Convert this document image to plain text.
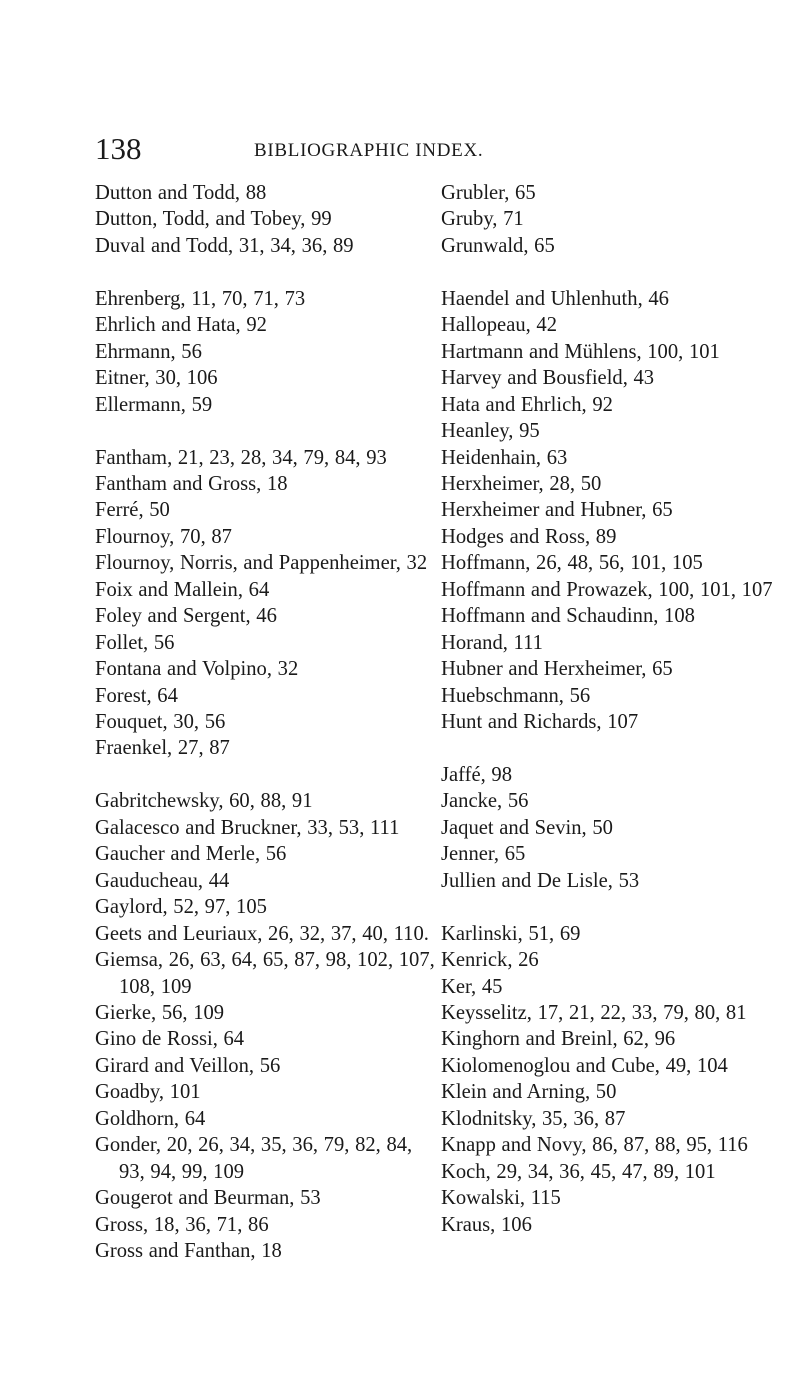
138	BIBLIOGRAPHIC INDEX.
Dutton and Todd, 88
Dutton, Todd, and Tobey, 99
Duval and Todd, 31, 34, 36, 89
Ehrenberg, 11, 70, 71, 73
Ehrlich and Hata, 92
Ehrmann, 56
Eitner, 30, 106
Ellermann, 59
Fantham, 21, 23, 28, 34, 79, 84, 93
Fantham and Gross, 18
Ferré, 50
Flournoy, 70, 87
Flournoy, Norris, and Pappenheimer, 32
Foix and Mallein, 64
Foley and Sergent, 46
Follet, 56
Fontana and Volpino, 32
Forest, 64
Fouquet, 30, 56
Fraenkel, 27, 87
Gabritchewsky, 60, 88, 91
Galacesco and Bruckner, 33, 53, 111
Gaucher and Merle, 56
Gauducheau, 44
Gaylord, 52, 97, 105
Geets and Leuriaux, 26, 32, 37, 40, 110.
Giemsa, 26, 63, 64, 65, 87, 98, 102, 107, 108, 109
Gierke, 56, 109
Gino de Rossi, 64
Girard and Veillon, 56
Goadby, 101
Goldhorn, 64
Gonder, 20, 26, 34, 35, 36, 79, 82, 84, 93, 94, 99, 109
Gougerot and Beurman, 53
Gross, 18, 36, 71, 86
Gross and Fanthan, 18
Grubler, 65
Gruby, 71
Grunwald, 65
Haendel and Uhlenhuth, 46
Hallopeau, 42
Hartmann and Mühlens, 100, 101
Harvey and Bousfield, 43
Hata and Ehrlich, 92
Heanley, 95
Heidenhain, 63
Herxheimer, 28, 50
Herxheimer and Hubner, 65
Hodges and Ross, 89
Hoffmann, 26, 48, 56, 101, 105
Hoffmann and Prowazek, 100, 101, 107
Hoffmann and Schaudinn, 108
Horand, 111
Hubner and Herxheimer, 65
Huebschmann, 56
Hunt and Richards, 107
Jaffé, 98
Jancke, 56
Jaquet and Sevin, 50
Jenner, 65
Jullien and De Lisle, 53
Karlinski, 51, 69
Kenrick, 26
Ker, 45
Keysselitz, 17, 21, 22, 33, 79, 80, 81
Kinghorn and Breinl, 62, 96
Kiolomenoglou and Cube, 49, 104
Klein and Arning, 50
Klodnitsky, 35, 36, 87
Knapp and Novy, 86, 87, 88, 95, 116
Koch, 29, 34, 36, 45, 47, 89, 101
Kowalski, 115
Kraus, 106
